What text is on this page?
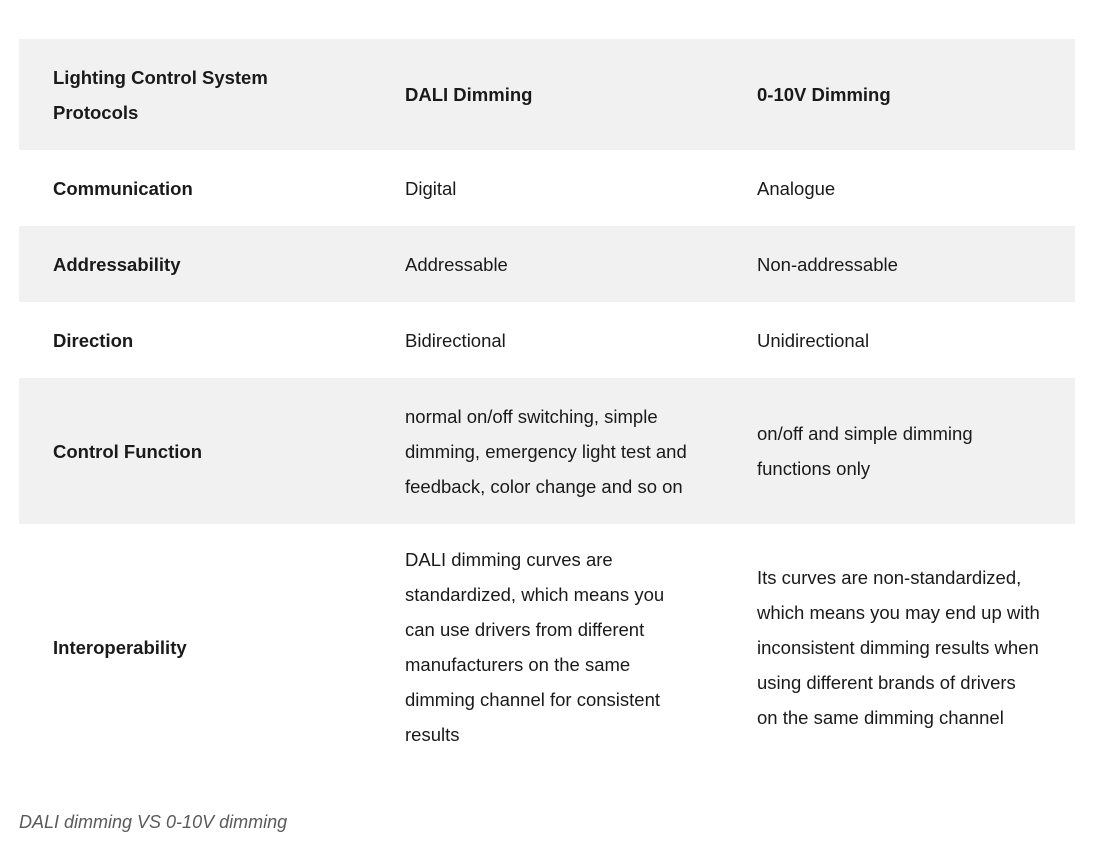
Lighting Control System Protocols	DALI Dimming	0-10V Dimming
Communication	Digital	Analogue
Addressability	Addressable	Non-addressable
Direction	Bidirectional	Unidirectional
Control Function	normal on/off switching, simple dimming, emergency light test and feedback, color change and so on	on/off and simple dimming functions only
Interoperability	DALI dimming curves are standardized, which means you can use drivers from different manufacturers on the same dimming channel for consistent results	Its curves are non-standardized, which means you may end up with inconsistent dimming results when using different brands of drivers on the same dimming channel
DALI dimming VS 0-10V dimming
